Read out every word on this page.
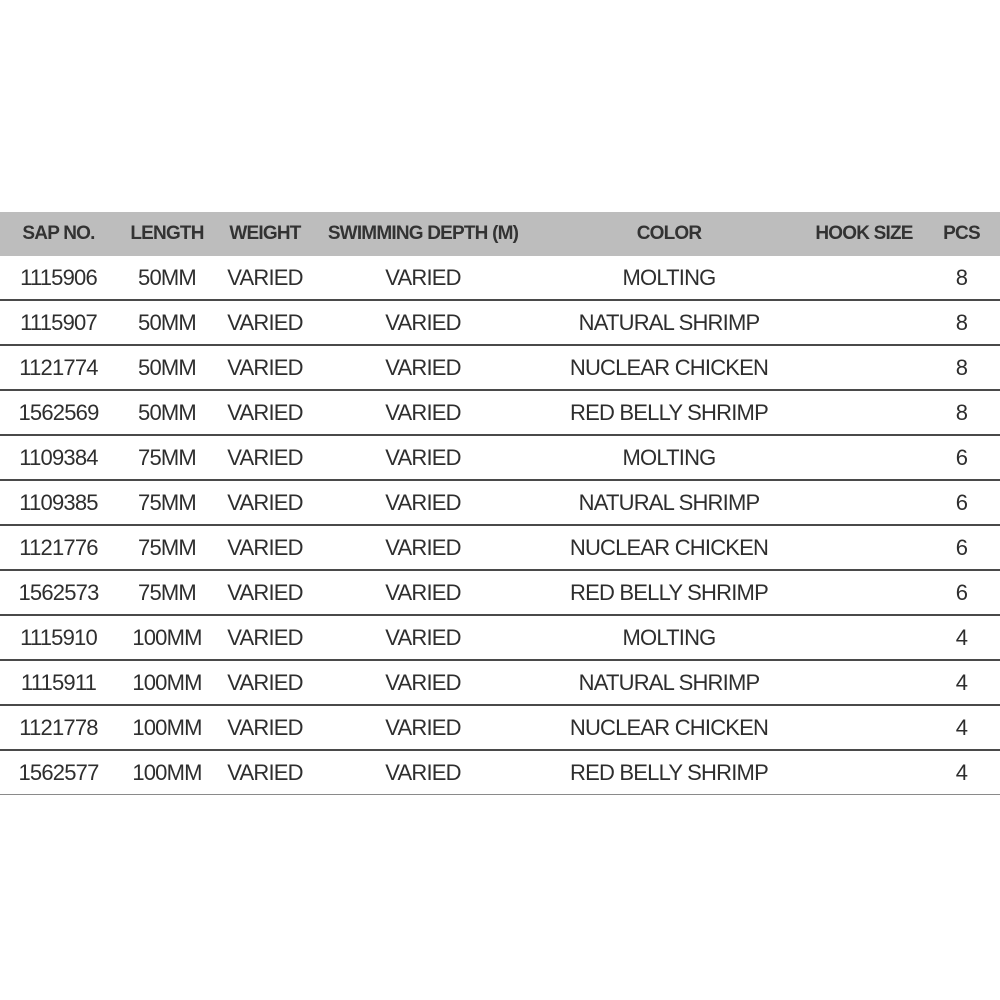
SAP NO.	LENGTH	WEIGHT	SWIMMING DEPTH (M)	COLOR	HOOK SIZE	PCS
1115906	50MM	VARIED	VARIED	MOLTING		8
1115907	50MM	VARIED	VARIED	NATURAL SHRIMP		8
1121774	50MM	VARIED	VARIED	NUCLEAR CHICKEN		8
1562569	50MM	VARIED	VARIED	RED BELLY SHRIMP		8
1109384	75MM	VARIED	VARIED	MOLTING		6
1109385	75MM	VARIED	VARIED	NATURAL SHRIMP		6
1121776	75MM	VARIED	VARIED	NUCLEAR CHICKEN		6
1562573	75MM	VARIED	VARIED	RED BELLY SHRIMP		6
1115910	100MM	VARIED	VARIED	MOLTING		4
1115911	100MM	VARIED	VARIED	NATURAL SHRIMP		4
1121778	100MM	VARIED	VARIED	NUCLEAR CHICKEN		4
1562577	100MM	VARIED	VARIED	RED BELLY SHRIMP		4
